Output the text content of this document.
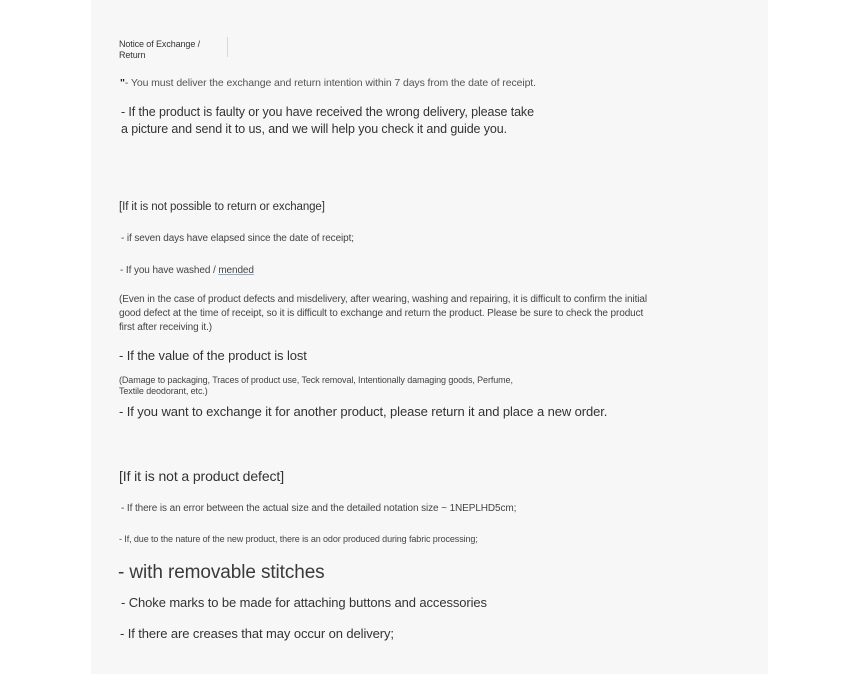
Notice of Exchange / Return

"- You must deliver the exchange and return intention within 7 days from the date of receipt.

- If the product is faulty or you have received the wrong delivery, please take a picture and send it to us, and we will help you check it and guide you.

[If it is not possible to return or exchange]

- if seven days have elapsed since the date of receipt;

- If you have washed / mended

(Even in the case of product defects and misdelivery, after wearing, washing and repairing, it is difficult to confirm the initial good defect at the time of receipt, so it is difficult to exchange and return the product. Please be sure to check the product first after receiving it.)

- If the value of the product is lost

(Damage to packaging, Traces of product use, Teck removal, Intentionally damaging goods, Perfume, Textile deodorant, etc.)

- If you want to exchange it for another product, please return it and place a new order.

[If it is not a product defect]

- If there is an error between the actual size and the detailed notation size ~ 1NEPLHD5cm;

- If, due to the nature of the new product, there is an odor produced during fabric processing;

- with removable stitches

- Choke marks to be made for attaching buttons and accessories

- If there are creases that may occur on delivery;
